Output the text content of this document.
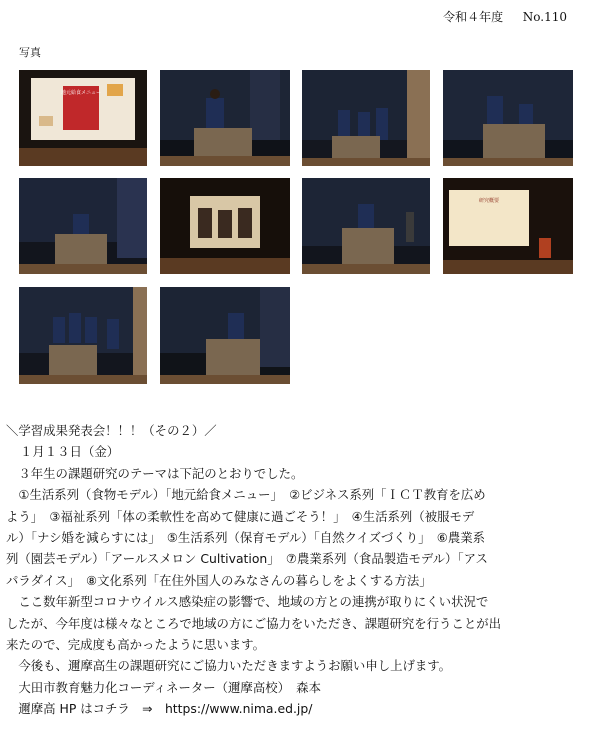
令和４年度 No.110
写真
地元給食メニュー
研究概要

＼学習成果発表会！！！（その２）／

１月１３日（金）

　３年生の課題研究のテーマは下記のとおりでした。

　①生活系列（食物モデル）「地元給食メニュー」　②ビジネス系列「ＩＣＴ教育を広め

よう」　③福祉系列「体の柔軟性を高めて健康に過ごそう！」　④生活系列（被服モデ

ル）「ナシ婚を減らすには」　⑤生活系列（保育モデル）「自然クイズづくり」　⑥農業系

列（園芸モデル）「アールスメロン Cultivation」　⑦農業系列（食品製造モデル）「アス

パラダイス」　⑧文化系列「在住外国人のみなさんの暮らしをよくする方法」

　ここ数年新型コロナウイルス感染症の影響で、地域の方との連携が取りにくい状況で

したが、今年度は様々なところで地域の方にご協力をいただき、課題研究を行うことが出

来たので、完成度も高かったように思います。

　今後も、邇摩高生の課題研究にご協力いただきますようお願い申し上げます。

　大田市教育魅力化コーディネーター（邇摩高校）　森本

　邇摩高 HP はコチラ　⇒　https://www.nima.ed.jp/
